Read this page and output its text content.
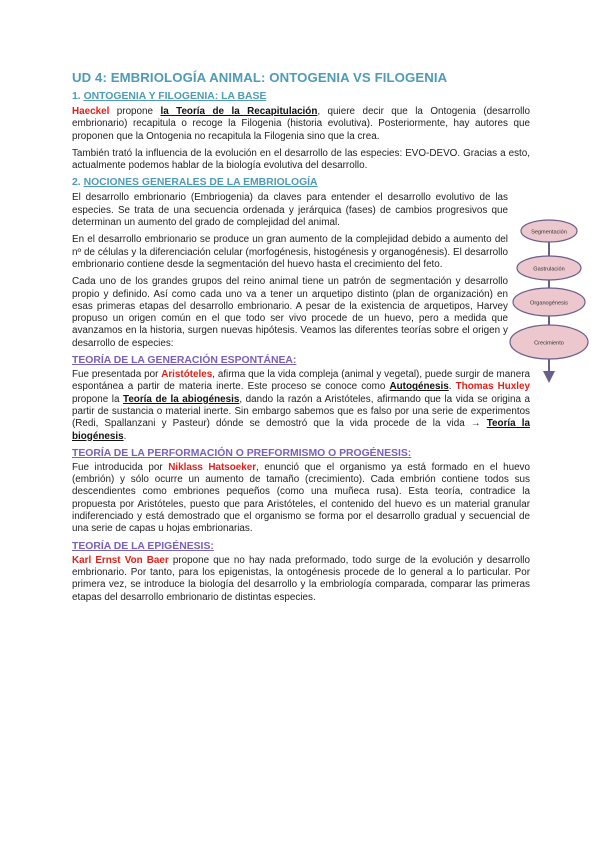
UD 4: EMBRIOLOGÍA ANIMAL: ONTOGENIA VS FILOGENIA
1. ONTOGENIA Y FILOGENIA: LA BASE

Haeckel propone la Teoría de la Recapitulación, quiere decir que la Ontogenia (desarrollo embrionario) recapitula o recoge la Filogenia (historia evolutiva). Posteriormente, hay autores que proponen que la Ontogenia no recapitula la Filogenia sino que la crea.

También trató la influencia de la evolución en el desarrollo de las especies: EVO-DEVO. Gracias a esto, actualmente podemos hablar de la biología evolutiva del desarrollo.

2. NOCIONES GENERALES DE LA EMBRIOLOGÍA

El desarrollo embrionario (Embriogenia) da claves para entender el desarrollo evolutivo de las especies. Se trata de una secuencia ordenada y jerárquica (fases) de cambios progresivos que determinan un aumento del grado de complejidad del animal.

En el desarrollo embrionario se produce un gran aumento de la complejidad debido a aumento del nº de células y la diferenciación celular (morfogénesis, histogénesis y organogénesis). El desarrollo embrionario contiene desde la segmentación del huevo hasta el crecimiento del feto.

Cada uno de los grandes grupos del reino animal tiene un patrón de segmentación y desarrollo propio y definido. Así como cada uno va a tener un arquetipo distinto (plan de organización) en esas primeras etapas del desarrollo embrionario. A pesar de la existencia de arquetipos, Harvey propuso un origen común en el que todo ser vivo procede de un huevo, pero a medida que avanzamos en la historia, surgen nuevas hipótesis. Veamos las diferentes teorías sobre el origen y desarrollo de especies:

TEORÍA DE LA GENERACIÓN ESPONTÁNEA:

Fue presentada por Aristóteles, afirma que la vida compleja (animal y vegetal), puede surgir de manera espontánea a partir de materia inerte. Este proceso se conoce como Autogénesis. Thomas Huxley propone la Teoría de la abiogénesis, dando la razón a Aristóteles, afirmando que la vida se origina a partir de sustancia o material inerte. Sin embargo sabemos que es falso por una serie de experimentos (Redi, Spallanzani y Pasteur) dónde se demostró que la vida procede de la vida → Teoría la biogénesis.

TEORÍA DE LA PERFORMACIÓN O PREFORMISMO O PROGÉNESIS:

Fue introducida por Niklass Hatsoeker, enunció que el organismo ya está formado en el huevo (embrión) y sólo ocurre un aumento de tamaño (crecimiento). Cada embrión contiene todos sus descendientes como embriones pequeños (como una muñeca rusa). Esta teoría, contradice la propuesta por Aristóteles, puesto que para Aristóteles, el contenido del huevo es un material granular indiferenciado y está demostrado que el organismo se forma por el desarrollo gradual y secuencial de una serie de capas u hojas embrionarias.

TEORÍA DE LA EPIGÉNESIS:

Karl Ernst Von Baer propone que no hay nada preformado, todo surge de la evolución y desarrollo embrionario. Por tanto, para los epigenistas, la ontogénesis procede de lo general a lo particular. Por primera vez, se introduce la biología del desarrollo y la embriología comparada, comparar las primeras etapas del desarrollo embrionario de distintas especies.

Segmentación
Gastrulación
Organogénesis
Crecimiento
